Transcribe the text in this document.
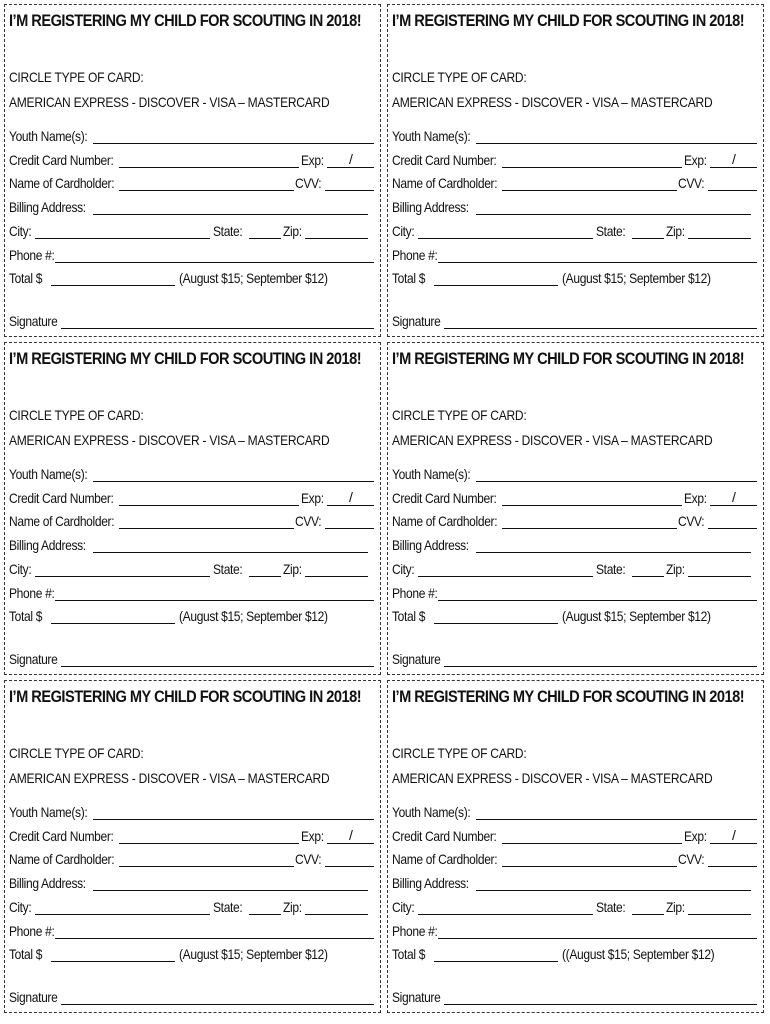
I’M REGISTERING MY CHILD FOR SCOUTING IN 2018!
CIRCLE TYPE OF CARD:
AMERICAN EXPRESS - DISCOVER - VISA – MASTERCARD
Youth Name(s):
Credit Card Number:	Exp: /
Name of Cardholder:	CVV:
Billing Address:
City:	State:	Zip:
Phone #:
Total $	(August $15; September $12)
Signature
I’M REGISTERING MY CHILD FOR SCOUTING IN 2018!
CIRCLE TYPE OF CARD:
AMERICAN EXPRESS - DISCOVER - VISA – MASTERCARD
Youth Name(s):
Credit Card Number:	Exp: /
Name of Cardholder:	CVV:
Billing Address:
City:	State:	Zip:
Phone #:
Total $	(August $15; September $12)
Signature
I’M REGISTERING MY CHILD FOR SCOUTING IN 2018!
CIRCLE TYPE OF CARD:
AMERICAN EXPRESS - DISCOVER - VISA – MASTERCARD
Youth Name(s):
Credit Card Number:	Exp: /
Name of Cardholder:	CVV:
Billing Address:
City:	State:	Zip:
Phone #:
Total $	(August $15; September $12)
Signature
I’M REGISTERING MY CHILD FOR SCOUTING IN 2018!
CIRCLE TYPE OF CARD:
AMERICAN EXPRESS - DISCOVER - VISA – MASTERCARD
Youth Name(s):
Credit Card Number:	Exp: /
Name of Cardholder:	CVV:
Billing Address:
City:	State:	Zip:
Phone #:
Total $	(August $15; September $12)
Signature
I’M REGISTERING MY CHILD FOR SCOUTING IN 2018!
CIRCLE TYPE OF CARD:
AMERICAN EXPRESS - DISCOVER - VISA – MASTERCARD
Youth Name(s):
Credit Card Number:	Exp: /
Name of Cardholder:	CVV:
Billing Address:
City:	State:	Zip:
Phone #:
Total $	(August $15; September $12)
Signature
I’M REGISTERING MY CHILD FOR SCOUTING IN 2018!
CIRCLE TYPE OF CARD:
AMERICAN EXPRESS - DISCOVER - VISA – MASTERCARD
Youth Name(s):
Credit Card Number:	Exp: /
Name of Cardholder:	CVV:
Billing Address:
City:	State:	Zip:
Phone #:
Total $	((August $15; September $12)
Signature
